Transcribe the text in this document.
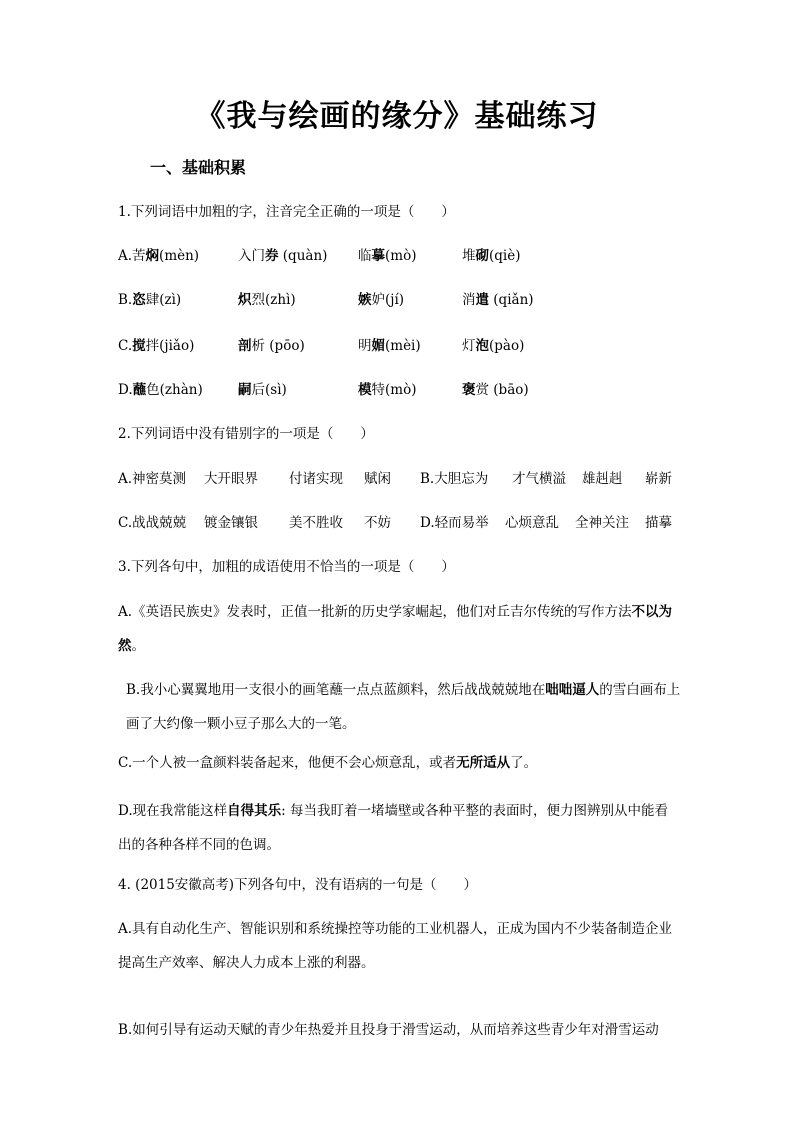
《我与绘画的缘分》基础练习
一、基础积累
1.下列词语中加粗的字，注音完全正确的一项是（　　）
A.苦焖(mèn)	入门券 (quàn) 临摹(mò)	堆砌(qiè)
B.恣肆(zì)	炽烈(zhì)	嫉妒(jí)	消遣 (qiǎn)
C.搅拌(jiǎo)	剖析 (pōo)	明媚(mèi)	灯泡(pào)
D.蘸色(zhàn)	嗣后(sì)	模特(mò)	褒赏 (bāo)
2.下列词语中没有错别字的一项是（　　）
A.神密莫测 大开眼界 付诸实现 赋闲 B.大胆忘为 才气横溢 雄赳赳 崭新
C.战战兢兢 镀金镶银 美不胜收 不妨 D.轻而易举 心烦意乱 全神关注 描摹
3.下列各句中，加粗的成语使用不恰当的一项是（　　）
A.《英语民族史》发表时，正值一批新的历史学家崛起，他们对丘吉尔传统的写作方法不以为然。
B.我小心翼翼地用一支很小的画笔蘸一点点蓝颜料，然后战战兢兢地在咄咄逼人的雪白画布上画了大约像一颗小豆子那么大的一笔。
C.一个人被一盒颜料装备起来，他便不会心烦意乱，或者无所适从了。
D.现在我常能这样自得其乐: 每当我盯着一堵墙壁或各种平整的表面时，便力图辨别从中能看出的各种各样不同的色调。
4. (2015安徽高考)下列各句中，没有语病的一句是（　　）
A.具有自动化生产、智能识别和系统操控等功能的工业机器人，正成为国内不少装备制造企业提高生产效率、解决人力成本上涨的利器。
B.如何引导有运动天赋的青少年热爱并且投身于滑雪运动，从而培养这些青少年对滑雪运动
